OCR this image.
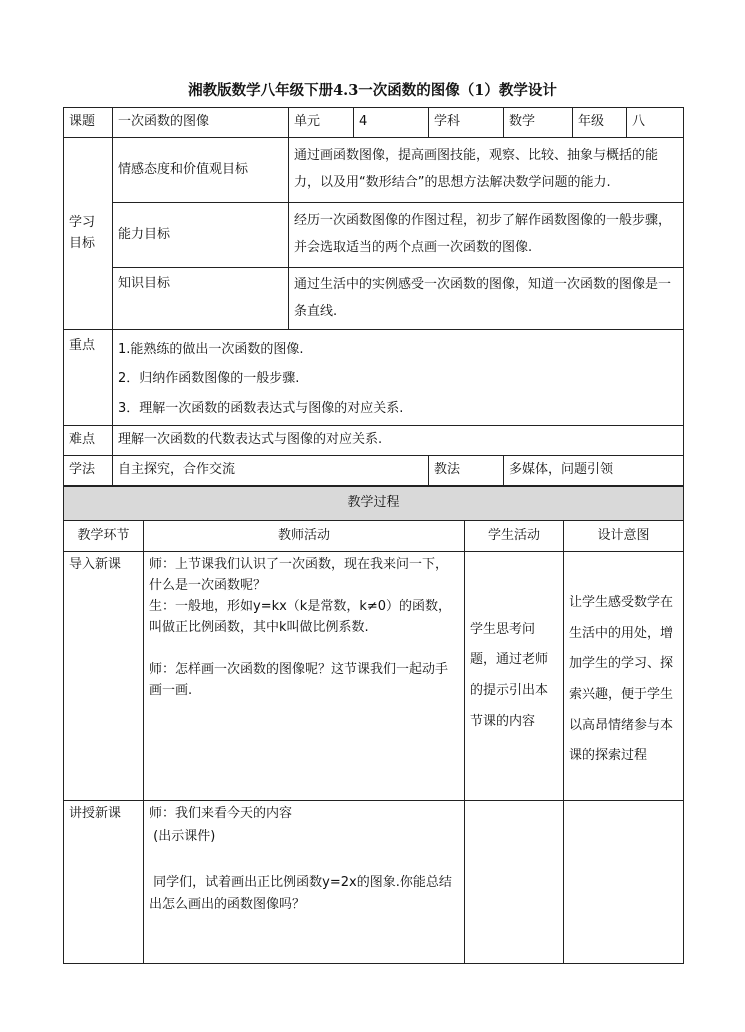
湘教版数学八年级下册4.3一次函数的图像（1）教学设计
课题	一次函数的图像	单元	4	学科	数学	年级	八
学习目标	情感态度和价值观目标	通过画函数图像，提高画图技能，观察、比较、抽象与概括的能力，以及用“数形结合”的思想方法解决数学问题的能力.					
	能力目标	经历一次函数图像的作图过程，初步了解作函数图像的一般步骤，并会选取适当的两个点画一次函数的图像.					
	知识目标	通过生活中的实例感受一次函数的图像，知道一次函数的图像是一条直线.					
重点	1.能熟练的做出一次函数的图像.
2．归纳作函数图像的一般步骤.
3．理解一次函数的函数表达式与图像的对应关系.						

难点	理解一次函数的代数表达式与图像的对应关系.						
学法	自主探究，合作交流			教法	多媒体，问题引领		
教学过程			
教学环节	教师活动	学生活动	设计意图
导入新课	师：上节课我们认识了一次函数，现在我来问一下，什么是一次函数呢？
生：一般地，形如y=kx（k是常数，k≠0）的函数，叫做正比例函数，其中k叫做比例系数.
师：怎样画一次函数的图像呢？这节课我们一起动手画一画.	学生思考问题，通过老师的提示引出本节课的内容	让学生感受数学在生活中的用处，增加学生的学习、探索兴趣，便于学生以高昂情绪参与本课的探索过程
讲授新课	师：我们来看今天的内容
(出示课件)
同学们，试着画出正比例函数y=2x的图象.你能总结出怎么画出的函数图像吗？		
